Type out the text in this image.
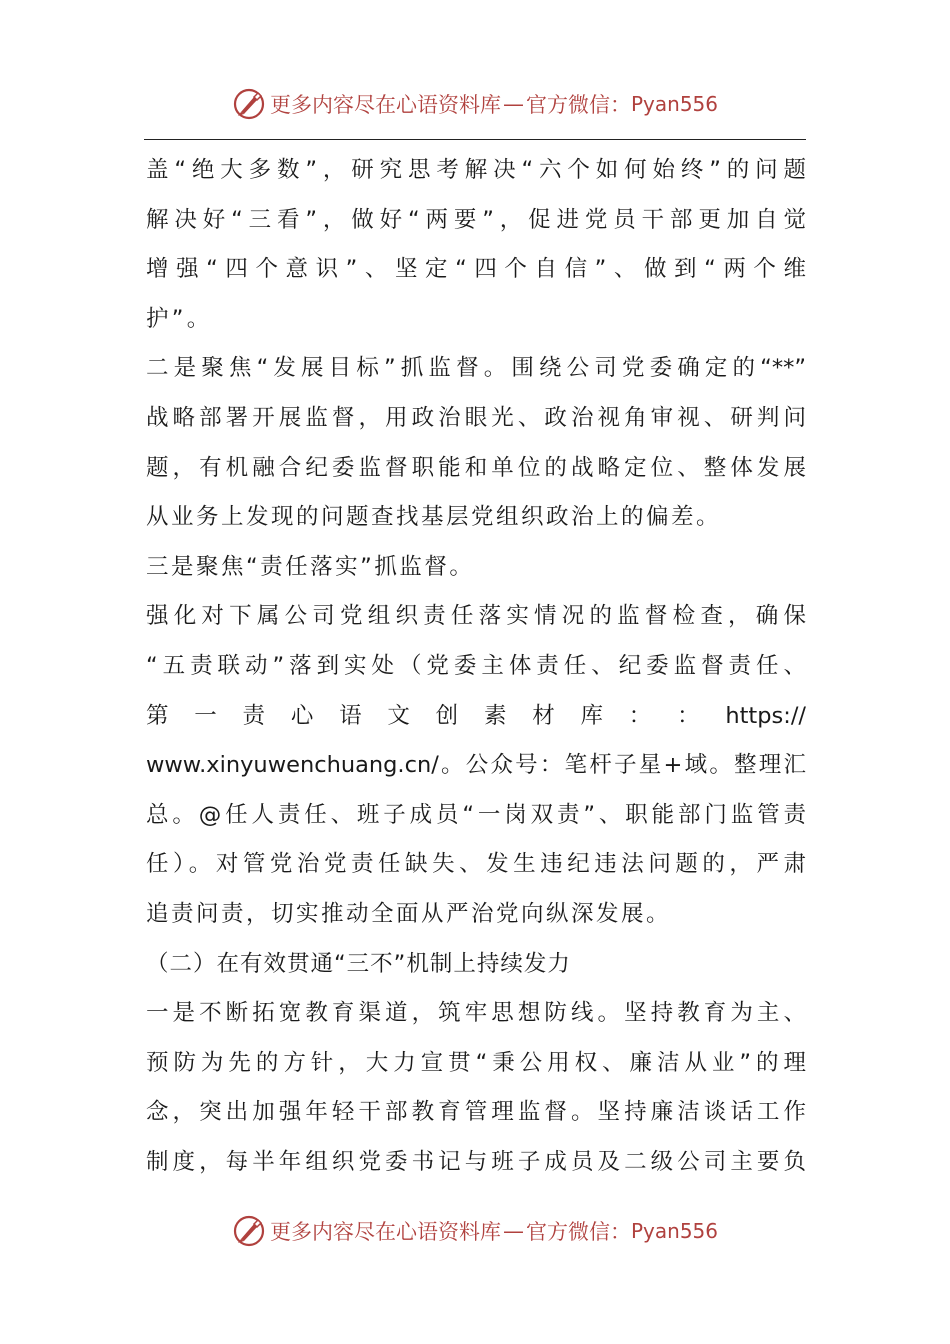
更多内容尽在心语资料库 — 官方微信： Pyan556
盖“绝大多数”，研究思考解决“六个如何始终”的问题
解决好“三看”，做好“两要”，促进党员干部更加自觉
增强“四个意识”、坚定“四个自信”、做到“两个维
护”。
二是聚焦“发展目标”抓监督。围绕公司党委确定的“**”
战略部署开展监督，用政治眼光、政治视角审视、研判问
题，有机融合纪委监督职能和单位的战略定位、整体发展
从业务上发现的问题查找基层党组织政治上的偏差。
三是聚焦“责任落实”抓监督。
强化对下属公司党组织责任落实情况的监督检查，确保
“五责联动”落到实处（党委主体责任、纪委监督责任、
第 一 责 心 语 文 创 素 材 库 ： ： https://
www.xinyuwenchuang.cn/。公众号：笔杆子星+域。整理汇
总。@任人责任、班子成员“一岗双责”、职能部门监管责
任）。对管党治党责任缺失、发生违纪违法问题的，严肃
追责问责，切实推动全面从严治党向纵深发展。
（二）在有效贯通“三不”机制上持续发力
一是不断拓宽教育渠道，筑牢思想防线。坚持教育为主、
预防为先的方针，大力宣贯“秉公用权、廉洁从业”的理
念，突出加强年轻干部教育管理监督。坚持廉洁谈话工作
制度，每半年组织党委书记与班子成员及二级公司主要负
更多内容尽在心语资料库 — 官方微信： Pyan556
